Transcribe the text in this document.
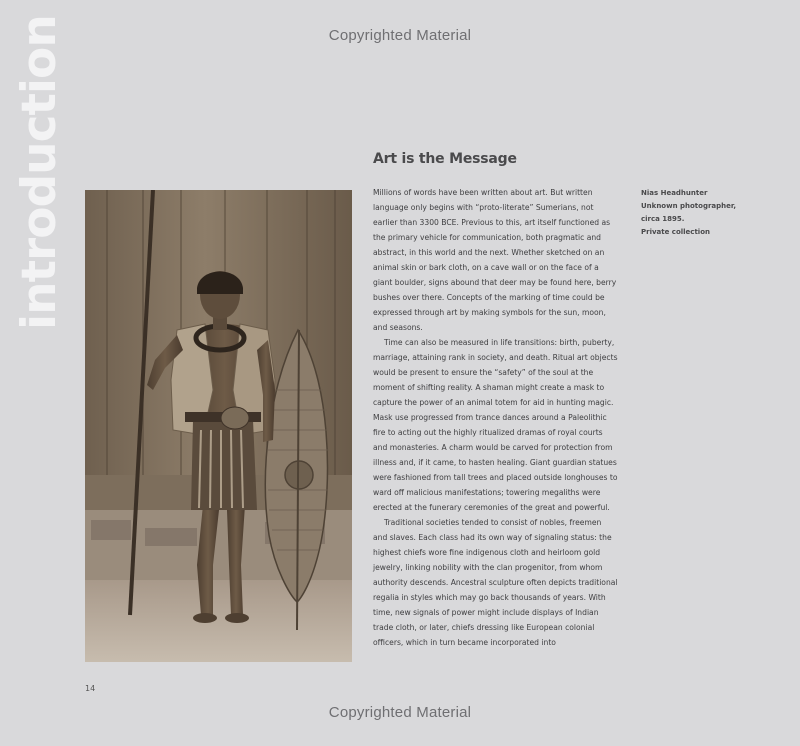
Copyrighted Material
introduction	Art is the Message

Millions of words have been written about art. But written language only begins with “proto-literate” Sumerians, not earlier than 3300 BCE. Previous to this, art itself functioned as the primary vehicle for communication, both pragmatic and abstract, in this world and the next. Whether sketched on an animal skin or bark cloth, on a cave wall or on the face of a giant boulder, signs abound that deer may be found here, berry bushes over there. Concepts of the marking of time could be expressed through art by making symbols for the sun, moon, and seasons.

Time can also be measured in life transitions: birth, puberty, marriage, attaining rank in society, and death. Ritual art objects would be present to ensure the “safety” of the soul at the moment of shifting reality. A shaman might create a mask to capture the power of an animal totem for aid in hunting magic. Mask use progressed from trance dances around a Paleolithic fire to acting out the highly ritualized dramas of royal courts and monasteries. A charm would be carved for protection from illness and, if it came, to hasten healing. Giant guardian statues were fashioned from tall trees and placed outside longhouses to ward off malicious manifestations; towering megaliths were erected at the funerary ceremonies of the great and powerful.

Traditional societies tended to consist of nobles, freemen and slaves. Each class had its own way of signaling status: the highest chiefs wore fine indigenous cloth and heirloom gold jewelry, linking nobility with the clan progenitor, from whom authority descends. Ancestral sculpture often depicts traditional regalia in styles which may go back thousands of years. With time, new signals of power might include displays of Indian trade cloth, or later, chiefs dressing like European colonial officers, which in turn became incorporated into

Nias Headhunter
Unknown photographer,
circa 1895.
Private collection
14
Copyrighted Material
